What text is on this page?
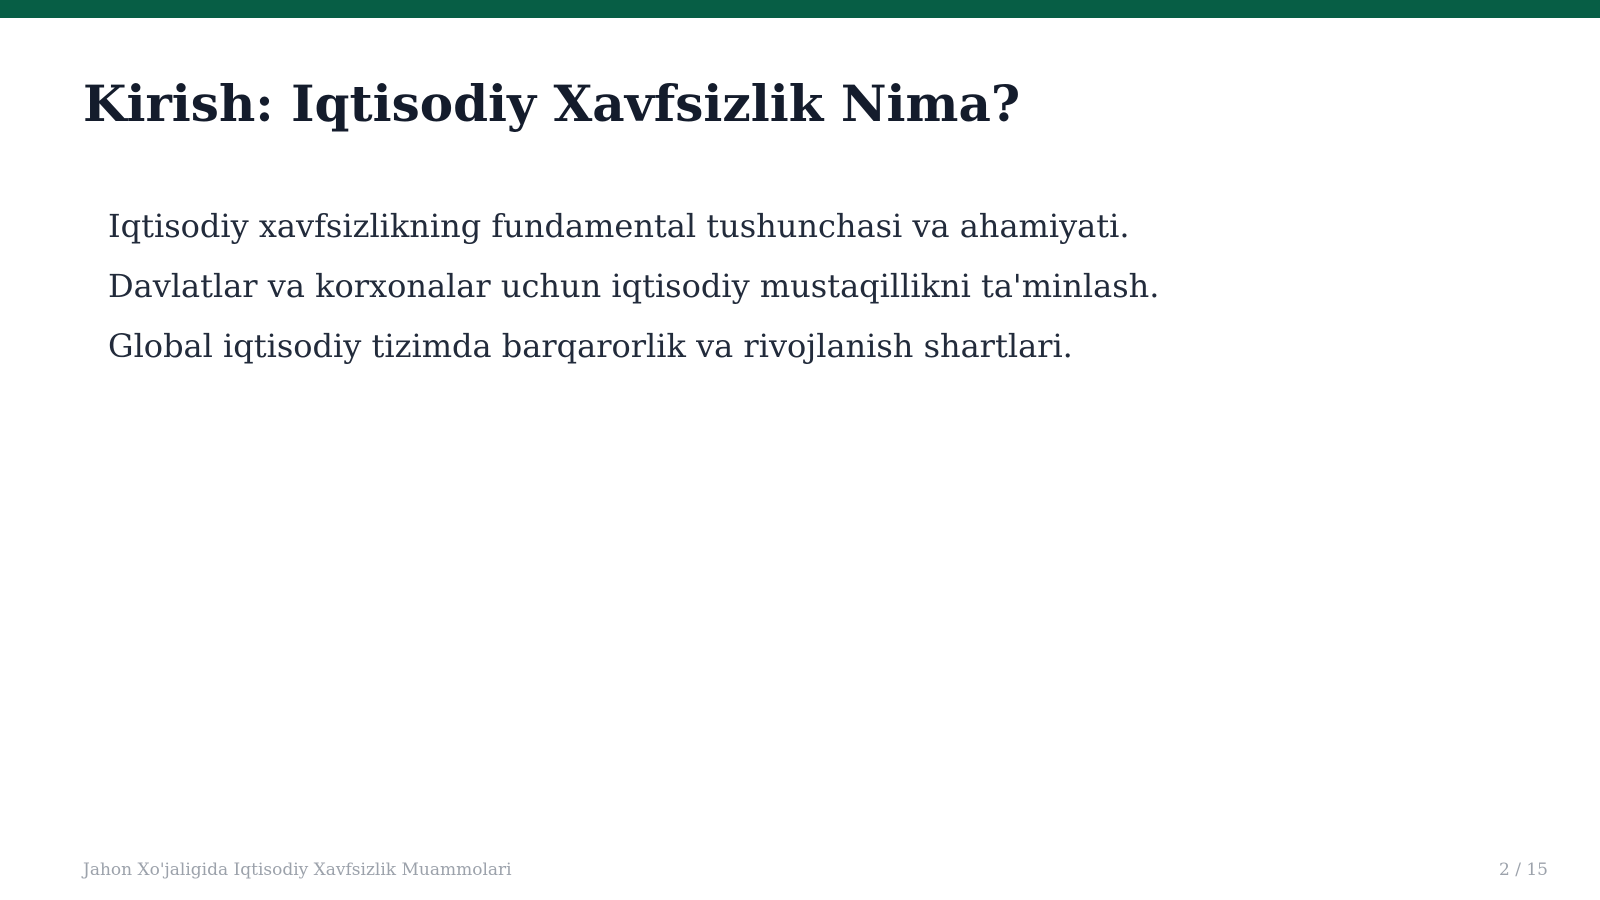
Kirish: Iqtisodiy Xavfsizlik Nima?
Iqtisodiy xavfsizlikning fundamental tushunchasi va ahamiyati.
Davlatlar va korxonalar uchun iqtisodiy mustaqillikni ta'minlash.
Global iqtisodiy tizimda barqarorlik va rivojlanish shartlari.
Jahon Xo'jaligida Iqtisodiy Xavfsizlik Muammolari	2 / 15
